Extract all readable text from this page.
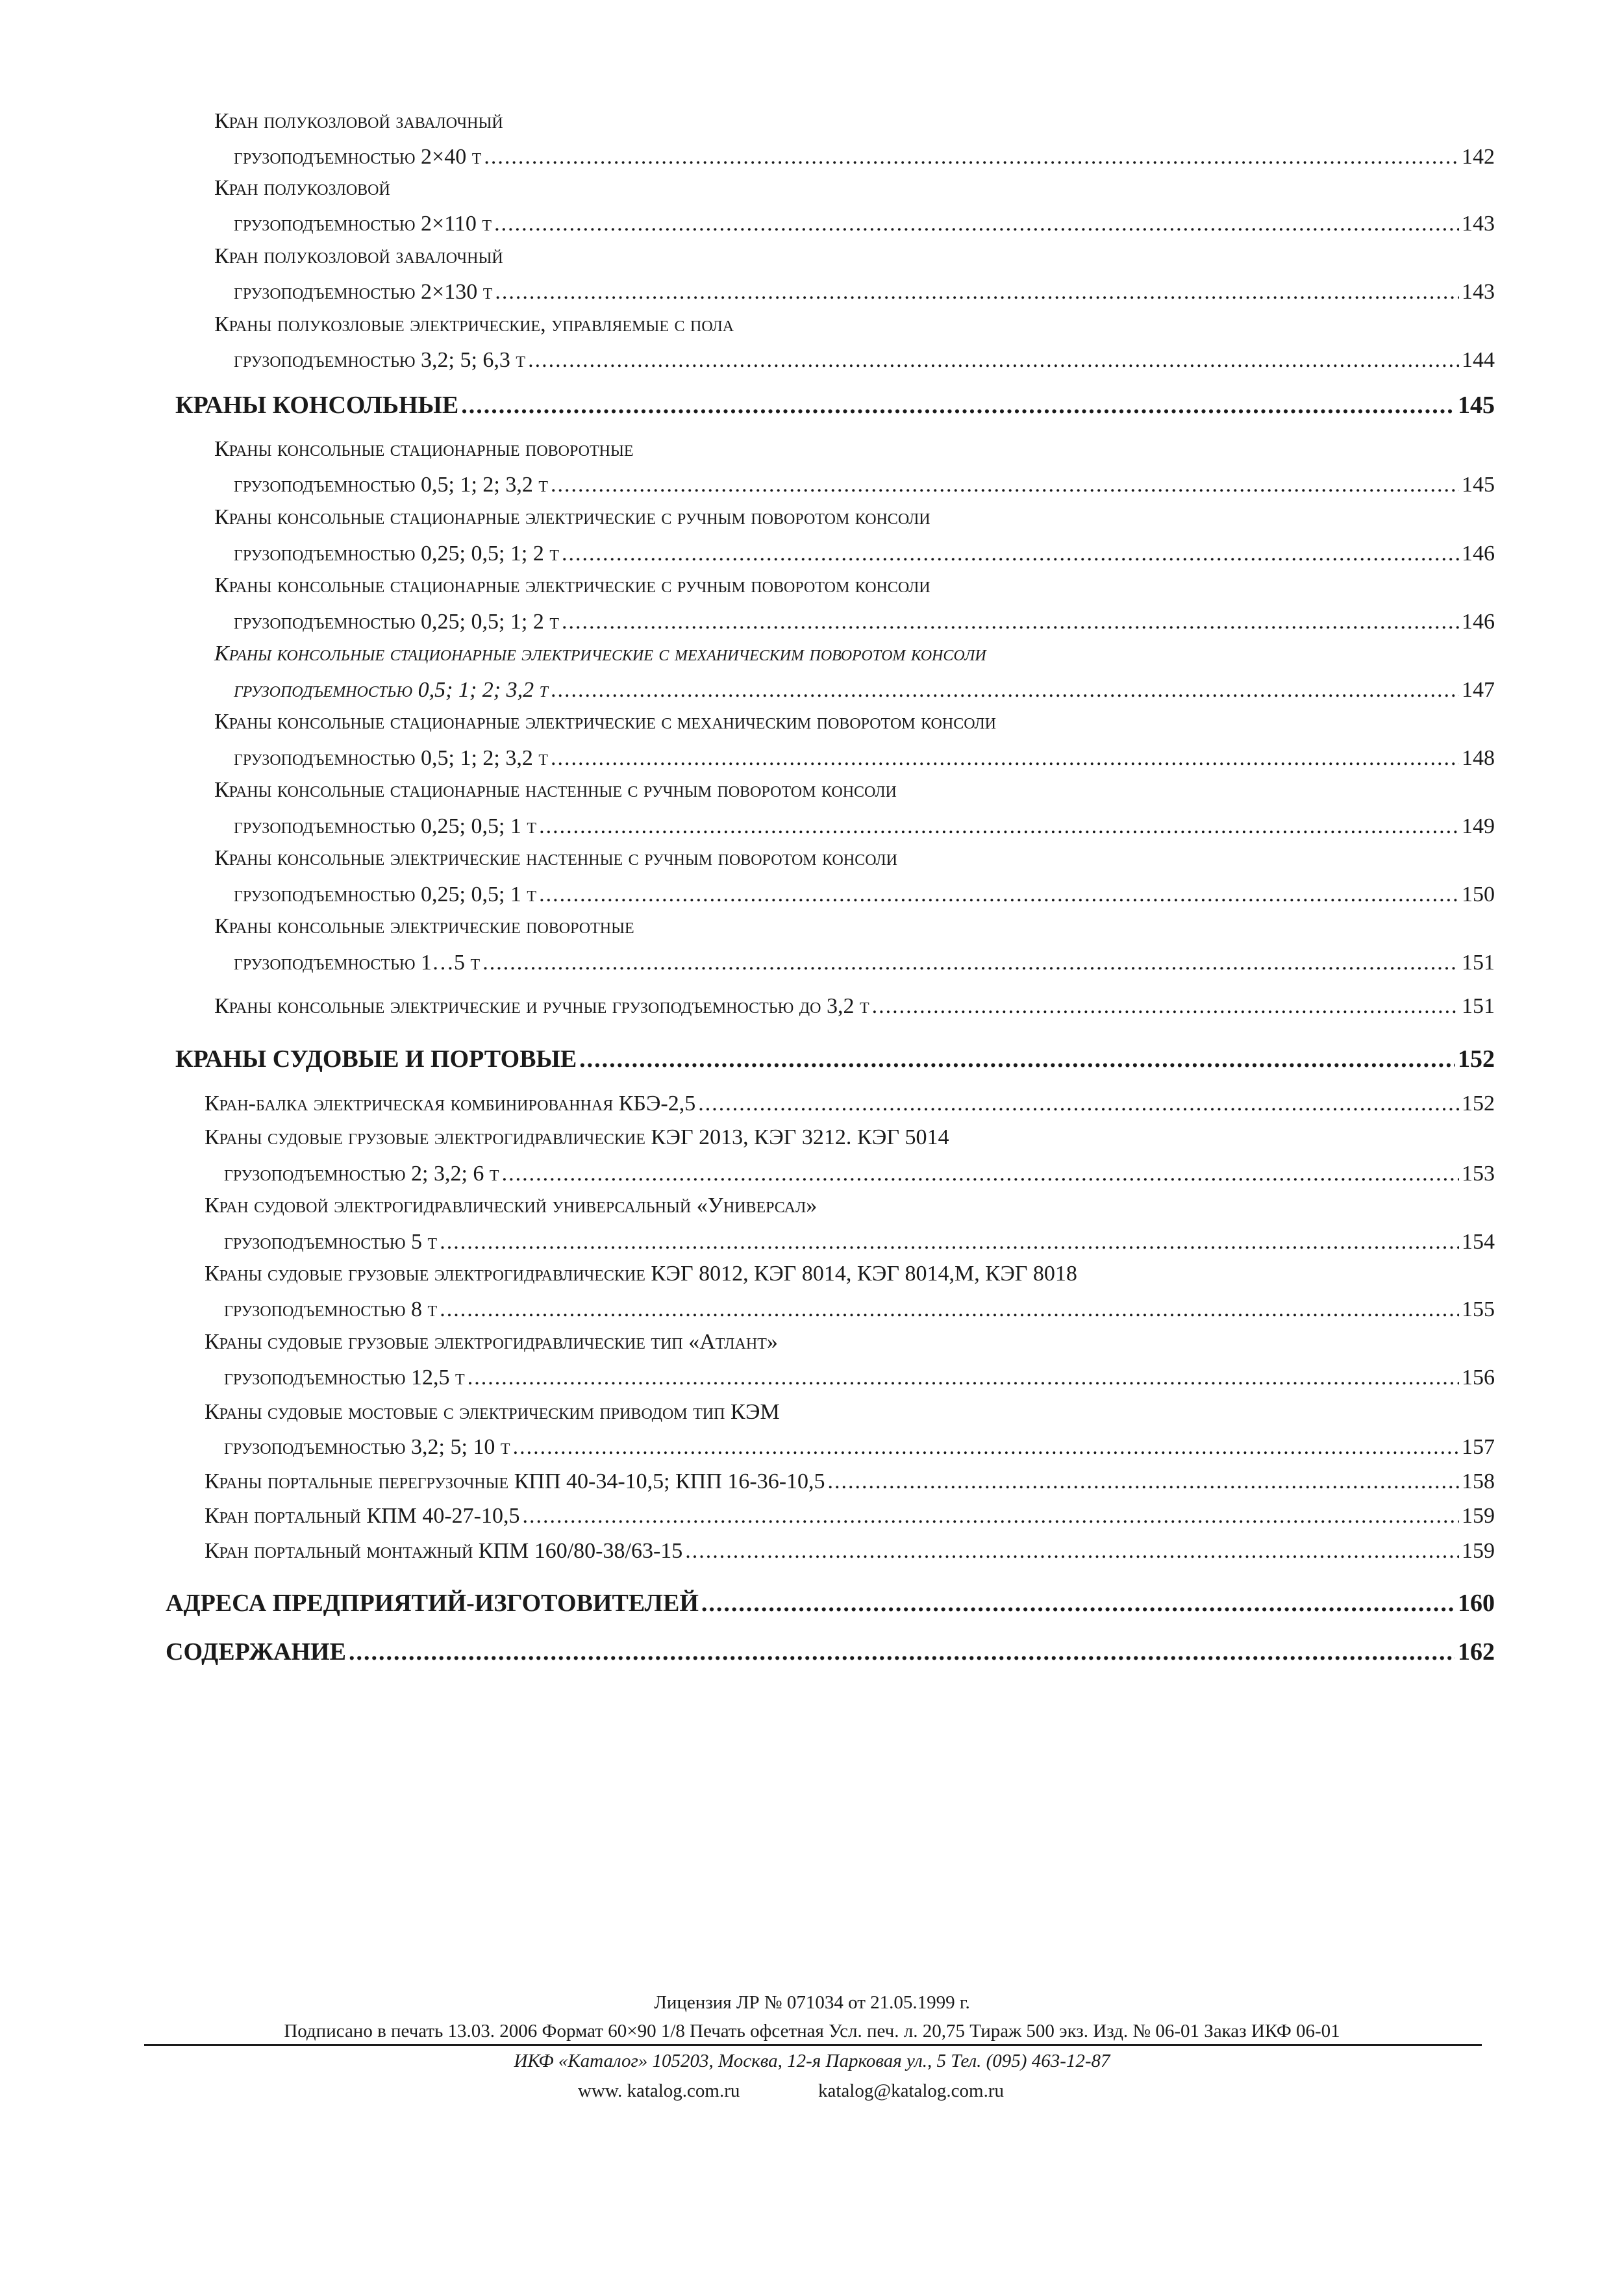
Кран полукозловой завалочный
грузоподъемностью 2×40 т .....	142
Кран полукозловой
грузоподъемностью 2×110 т .....	143
Кран полукозловой завалочный
грузоподъемностью 2×130 т .....	143
Краны полукозловые электрические, управляемые с пола
грузоподъемностью 3,2; 5; 6,3 т .....	144
КРАНЫ КОНСОЛЬНЫЕ .....	145
Краны консольные стационарные поворотные
грузоподъемностью 0,5; 1; 2; 3,2 т .....	145
Краны консольные стационарные электрические с ручным поворотом консоли
грузоподъемностью 0,25; 0,5; 1; 2 т .....	146
Краны консольные стационарные электрические с ручным поворотом консоли
грузоподъемностью 0,25; 0,5; 1; 2 т .....	146
Краны консольные стационарные электрические с механическим поворотом консоли
грузоподъемностью 0,5; 1; 2; 3,2 т .....	147
Краны консольные стационарные электрические с механическим поворотом консоли
грузоподъемностью 0,5; 1; 2; 3,2 т .....	148
Краны консольные стационарные настенные с ручным поворотом консоли
грузоподъемностью 0,25; 0,5; 1 т .....	149
Краны консольные электрические настенные с ручным поворотом консоли
грузоподъемностью 0,25; 0,5; 1 т .....	150
Краны консольные электрические поворотные
грузоподъемностью 1…5 т .....	151
Краны консольные электрические и ручные грузоподъемностью до 3,2 т .....	151
КРАНЫ СУДОВЫЕ И ПОРТОВЫЕ .....	152
Кран-балка электрическая комбинированная КБЭ-2,5 .....	152
Краны судовые грузовые электрогидравлические КЭГ 2013, КЭГ 3212. КЭГ 5014
грузоподъемностью 2; 3,2; 6 т .....	153
Кран судовой электрогидравлический универсальный «Универсал»
грузоподъемностью 5 т .....	154
Краны судовые грузовые электрогидравлические КЭГ 8012, КЭГ 8014, КЭГ 8014,М, КЭГ 8018
грузоподъемностью 8 т .....	155
Краны судовые грузовые электрогидравлические тип «Атлант»
грузоподъемностью 12,5 т .....	156
Краны судовые мостовые с электрическим приводом тип КЭМ
грузоподъемностью 3,2; 5; 10 т .....	157
Краны портальные перегрузочные КПП 40-34-10,5; КПП 16-36-10,5 .....	158
Кран портальный КПМ 40-27-10,5 .....	159
Кран портальный монтажный КПМ 160/80-38/63-15 .....	159
АДРЕСА ПРЕДПРИЯТИЙ-ИЗГОТОВИТЕЛЕЙ .....	160
СОДЕРЖАНИЕ .....	162
Лицензия ЛР № 071034 от 21.05.1999 г.
Подписано в печать 13.03. 2006 Формат 60×90 1/8 Печать офсетная Усл. печ. л. 20,75 Тираж 500 экз. Изд. № 06-01 Заказ ИКФ 06-01
ИКФ «Каталог» 105203, Москва, 12-я Парковая ул., 5 Тел. (095) 463-12-87
www. katalog.com.ru	katalog@katalog.com.ru
